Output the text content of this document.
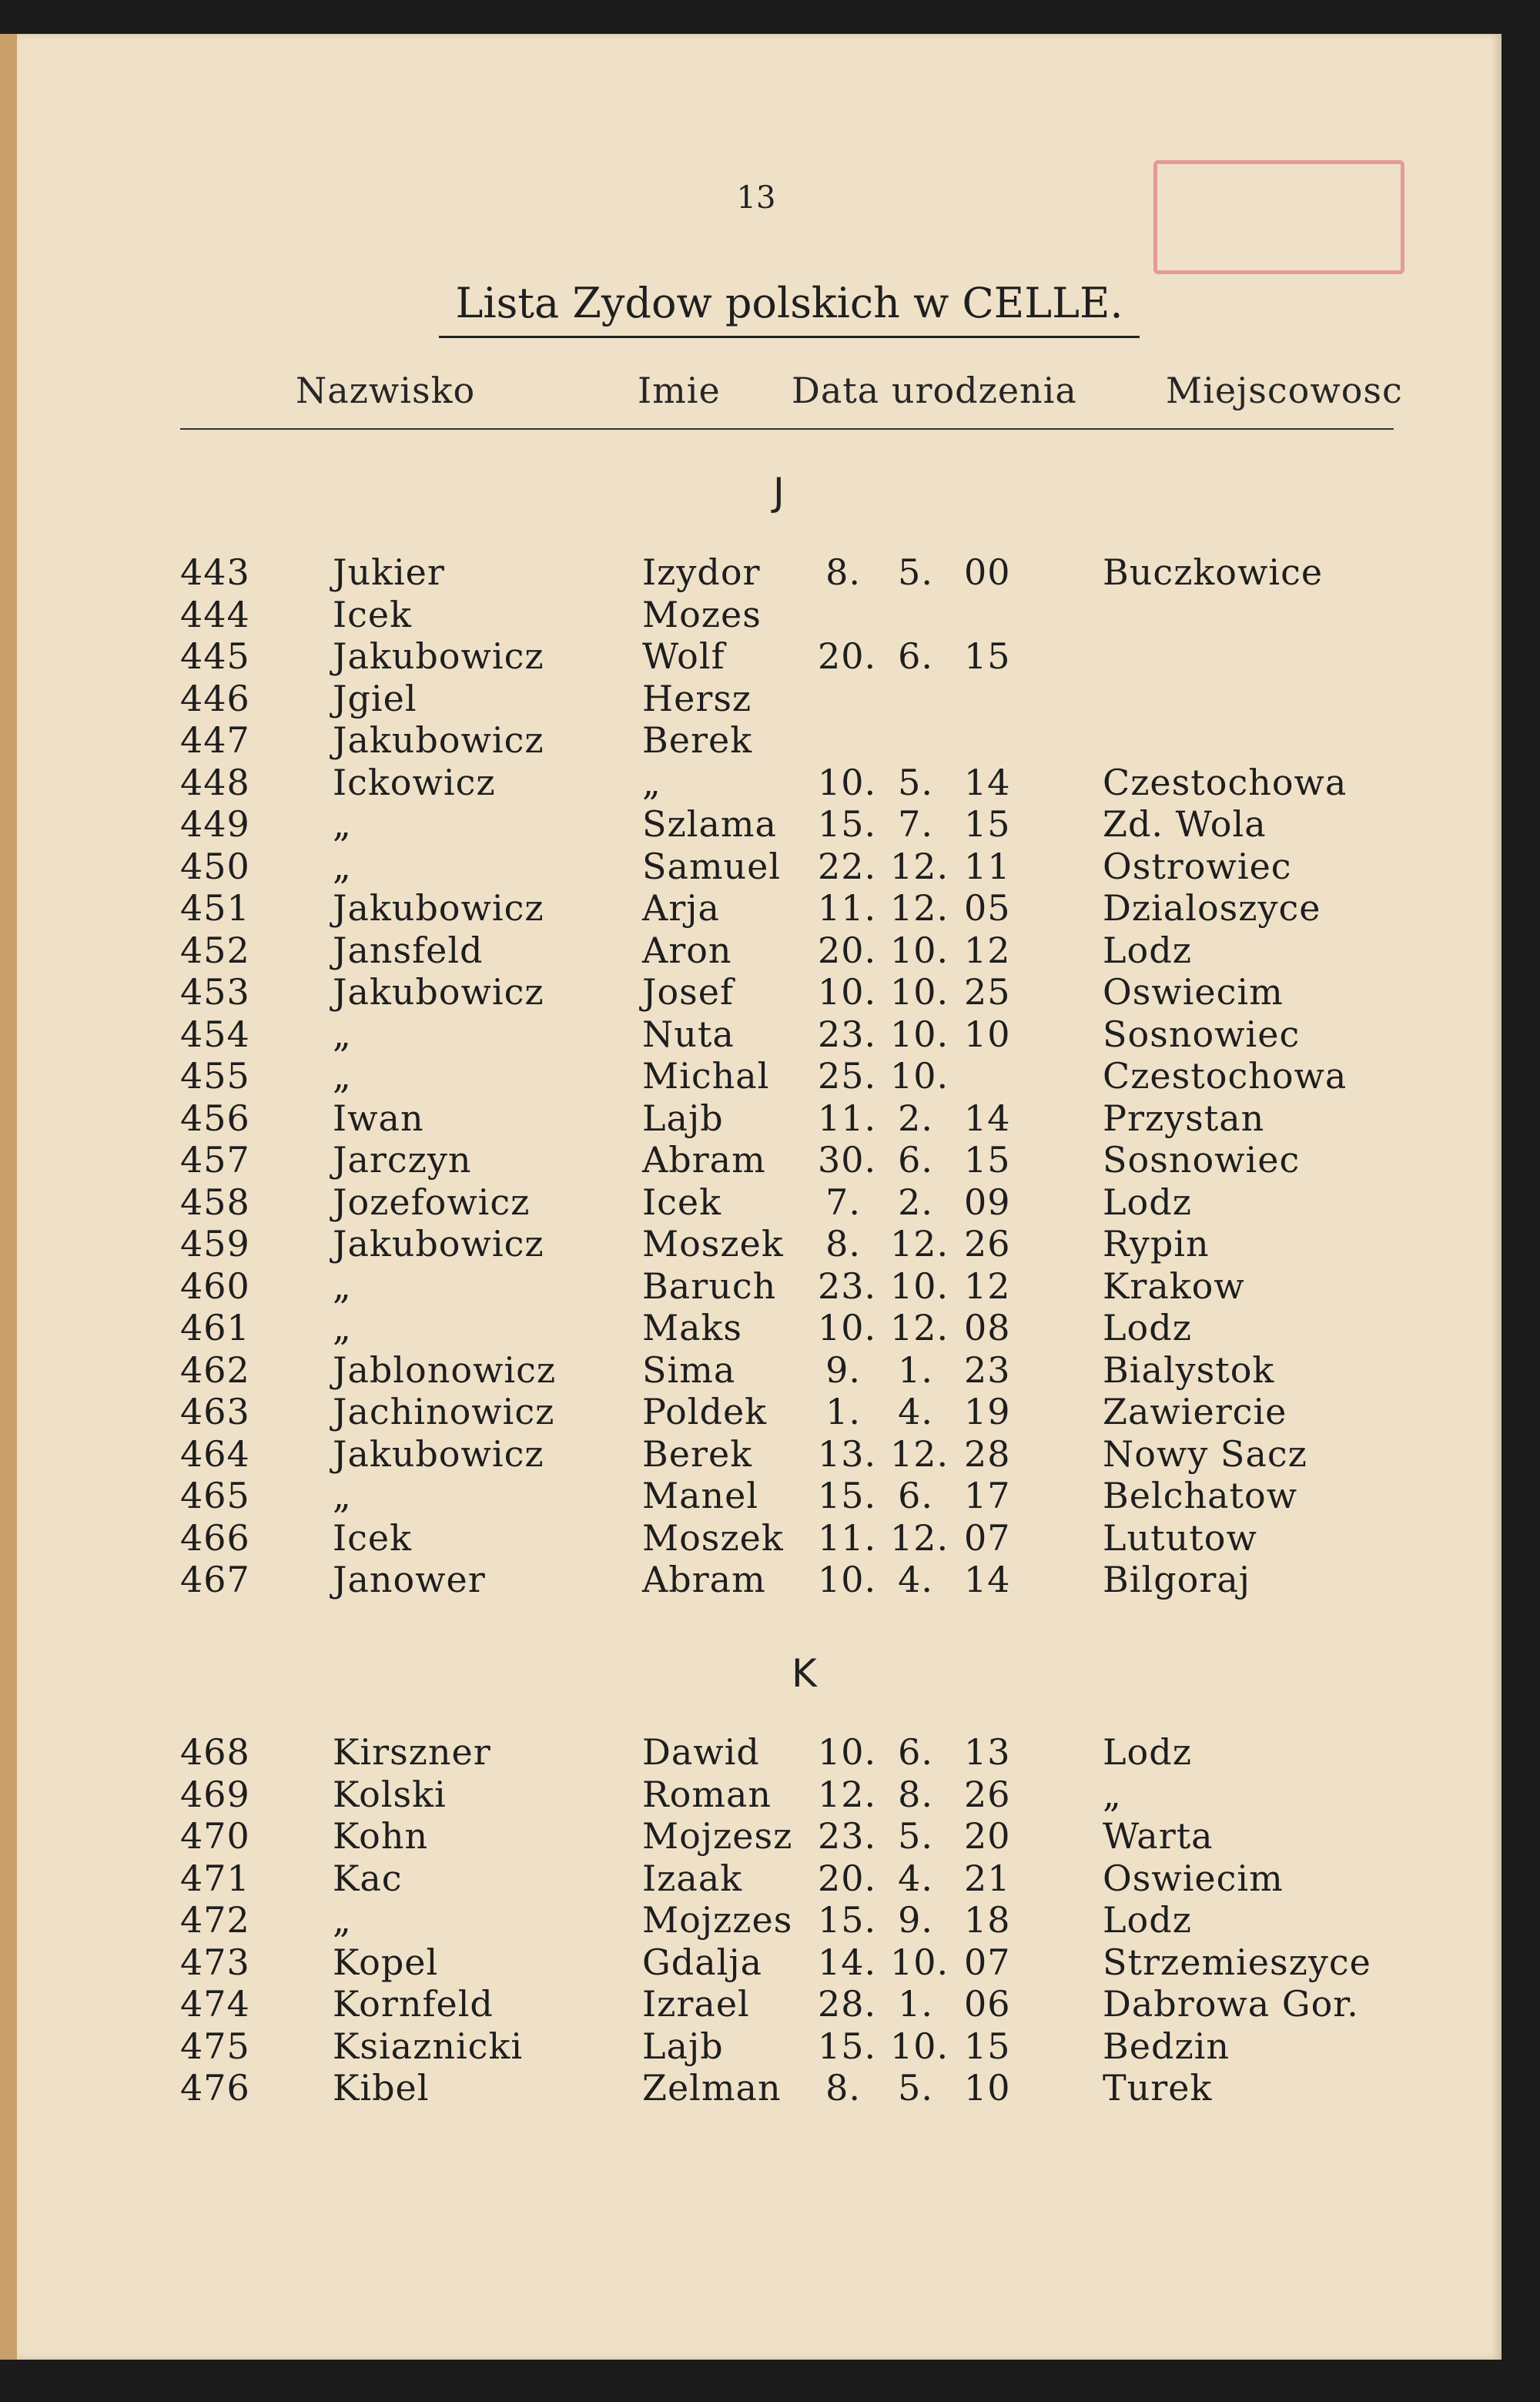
13
Lista Zydow polskich w CELLE.
Nazwisko	Imie Data urodzenia	Miejscowosc
J
443 Jukier	Izydor 8. 5. 00	Buczkowice
444 Icek	Mozes
445 Jakubowicz	Wolf	20. 6. 15
446 Jgiel	Hersz
447 Jakubowicz	Berek
448 Ickowicz	„	10. 5. 14	Czestochowa
449 „	Szlama 15. 7. 15	Zd. Wola
450 „	Samuel 22. 12. 11	Ostrowiec
451 Jakubowicz	Arja	11. 12. 05	Dzialoszyce
452 Jansfeld	Aron 20. 10. 12	Lodz
453 Jakubowicz	Josef 10. 10. 25	Oswiecim
454 „	Nuta 23. 10. 10	Sosnowiec
455 „	Michal 25. 10.	Czestochowa
456 Iwan	Lajb	11. 2. 14	Przystan
457 Jarczyn	Abram 30. 6. 15	Sosnowiec
458 Jozefowicz	Icek	7. 2. 09	Lodz
459 Jakubowicz	Moszek 8. 12. 26	Rypin
460 „	Baruch 23. 10. 12	Krakow
461 „	Maks 10. 12. 08	Lodz
462 Jablonowicz Sima	9. 1. 23	Bialystok
463 Jachinowicz Poldek 1. 4. 19	Zawiercie
464 Jakubowicz	Berek 13. 12. 28	Nowy Sacz
465 „	Manel 15. 6. 17	Belchatow
466 Icek	Moszek 11. 12. 07	Lututow
467 Janower	Abram 10. 4. 14	Bilgoraj
K
468 Kirszner	Dawid 10. 6. 13	Lodz
469 Kolski	Roman 12. 8. 26	„
470 Kohn	Mojzesz 23. 5. 20	Warta
471 Kac	Izaak 20. 4. 21	Oswiecim
472 „	Mojzzes 15. 9. 18	Lodz
473 Kopel	Gdalja 14. 10. 07	Strzemieszyce
474 Kornfeld	Izrael 28. 1. 06	Dabrowa Gor.
475 Ksiaznicki	Lajb	15. 10. 15	Bedzin
476 Kibel	Zelman 8. 5. 10	Turek
